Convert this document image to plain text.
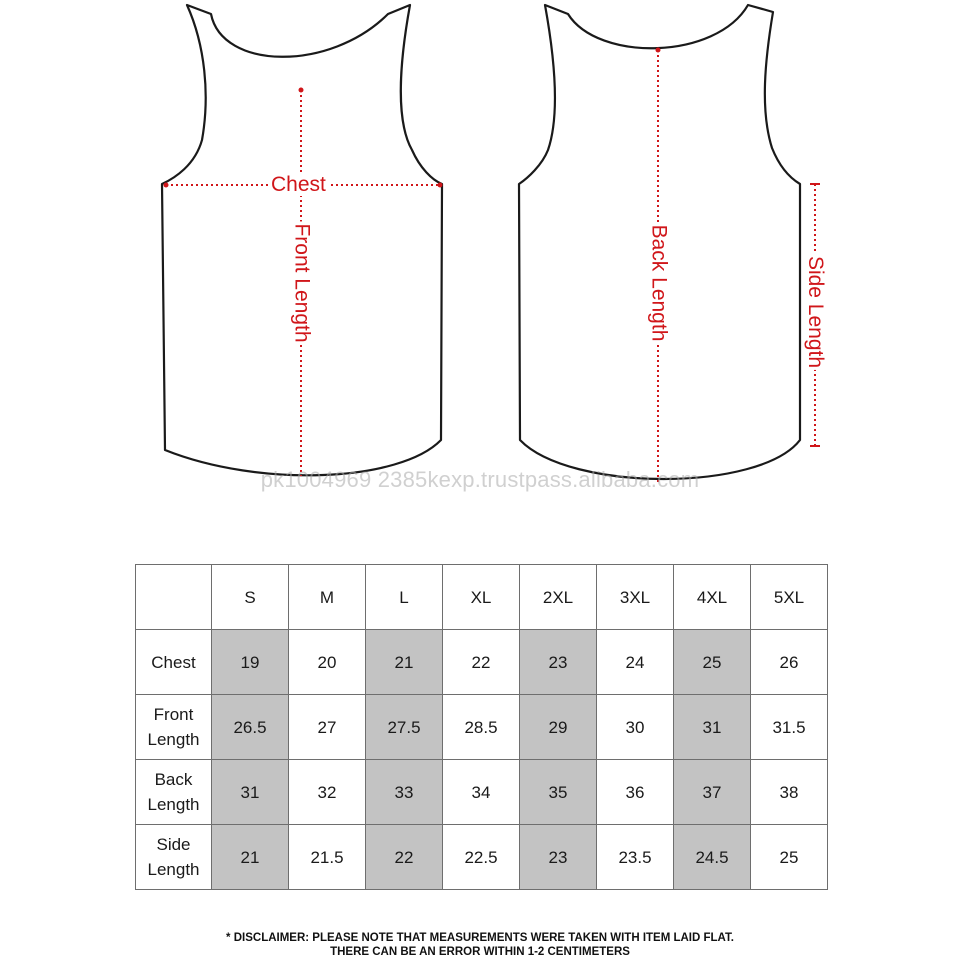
Chest
Front Length	Back Length	Side Length
pk1004969 2385kexp.trustpass.alibaba.com
	S	M	L	XL	2XL	3XL	4XL	5XL
Chest	19	20	21	22	23	24	25	26
Front
Length	26.5	27	27.5	28.5	29	30	31	31.5
Back
Length	31	32	33	34	35	36	37	38
Side
Length	21	21.5	22	22.5	23	23.5	24.5	25
* DISCLAIMER: PLEASE NOTE THAT MEASUREMENTS WERE TAKEN WITH ITEM LAID FLAT.
THERE CAN BE AN ERROR WITHIN 1-2 CENTIMETERS
